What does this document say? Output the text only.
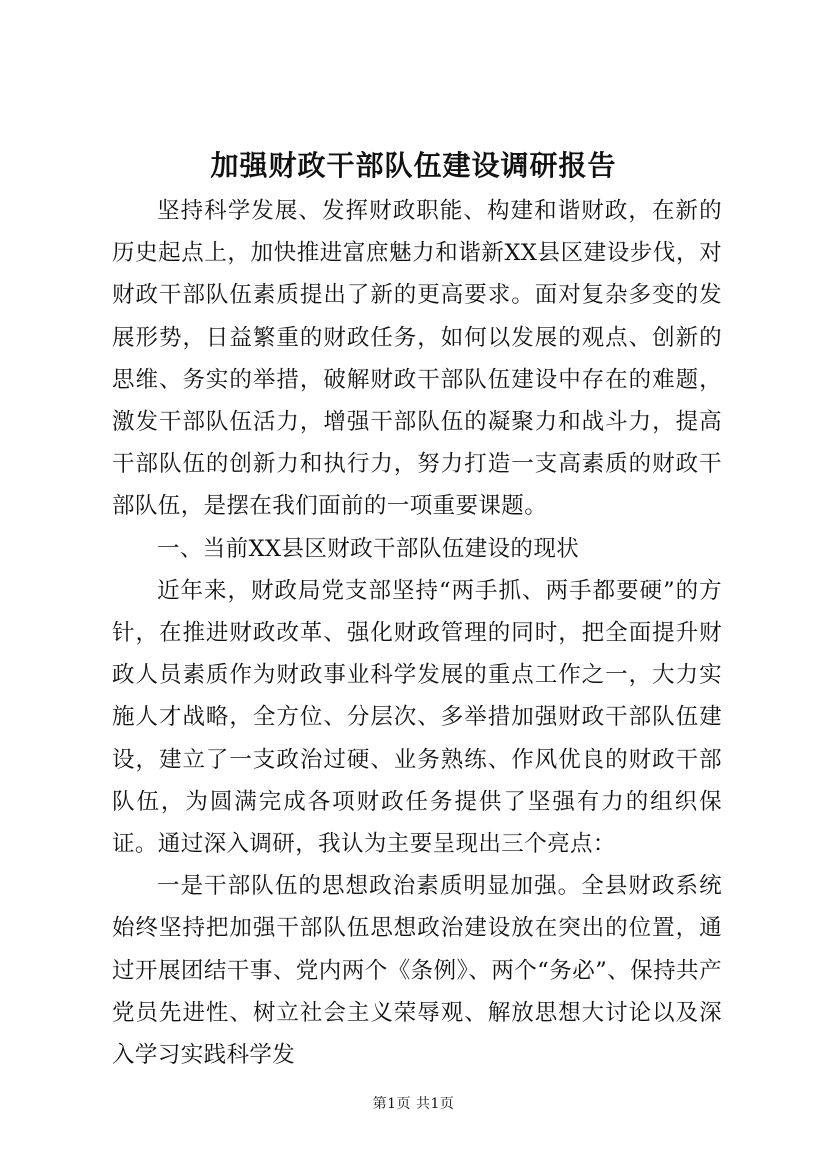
加强财政干部队伍建设调研报告

坚持科学发展、发挥财政职能、构建和谐财政，在新的历史起点上，加快推进富庶魅力和谐新XX县区建设步伐，对财政干部队伍素质提出了新的更高要求。面对复杂多变的发展形势，日益繁重的财政任务，如何以发展的观点、创新的思维、务实的举措，破解财政干部队伍建设中存在的难题，激发干部队伍活力，增强干部队伍的凝聚力和战斗力，提高干部队伍的创新力和执行力，努力打造一支高素质的财政干部队伍，是摆在我们面前的一项重要课题。

一、当前XX县区财政干部队伍建设的现状

近年来，财政局党支部坚持“两手抓、两手都要硬”的方针，在推进财政改革、强化财政管理的同时，把全面提升财政人员素质作为财政事业科学发展的重点工作之一，大力实施人才战略，全方位、分层次、多举措加强财政干部队伍建设，建立了一支政治过硬、业务熟练、作风优良的财政干部队伍，为圆满完成各项财政任务提供了坚强有力的组织保证。通过深入调研，我认为主要呈现出三个亮点：

一是干部队伍的思想政治素质明显加强。全县财政系统始终坚持把加强干部队伍思想政治建设放在突出的位置，通过开展团结干事、党内两个《条例》、两个“务必”、保持共产党员先进性、树立社会主义荣辱观、解放思想大讨论以及深入学习实践科学发

第1页 共1页
